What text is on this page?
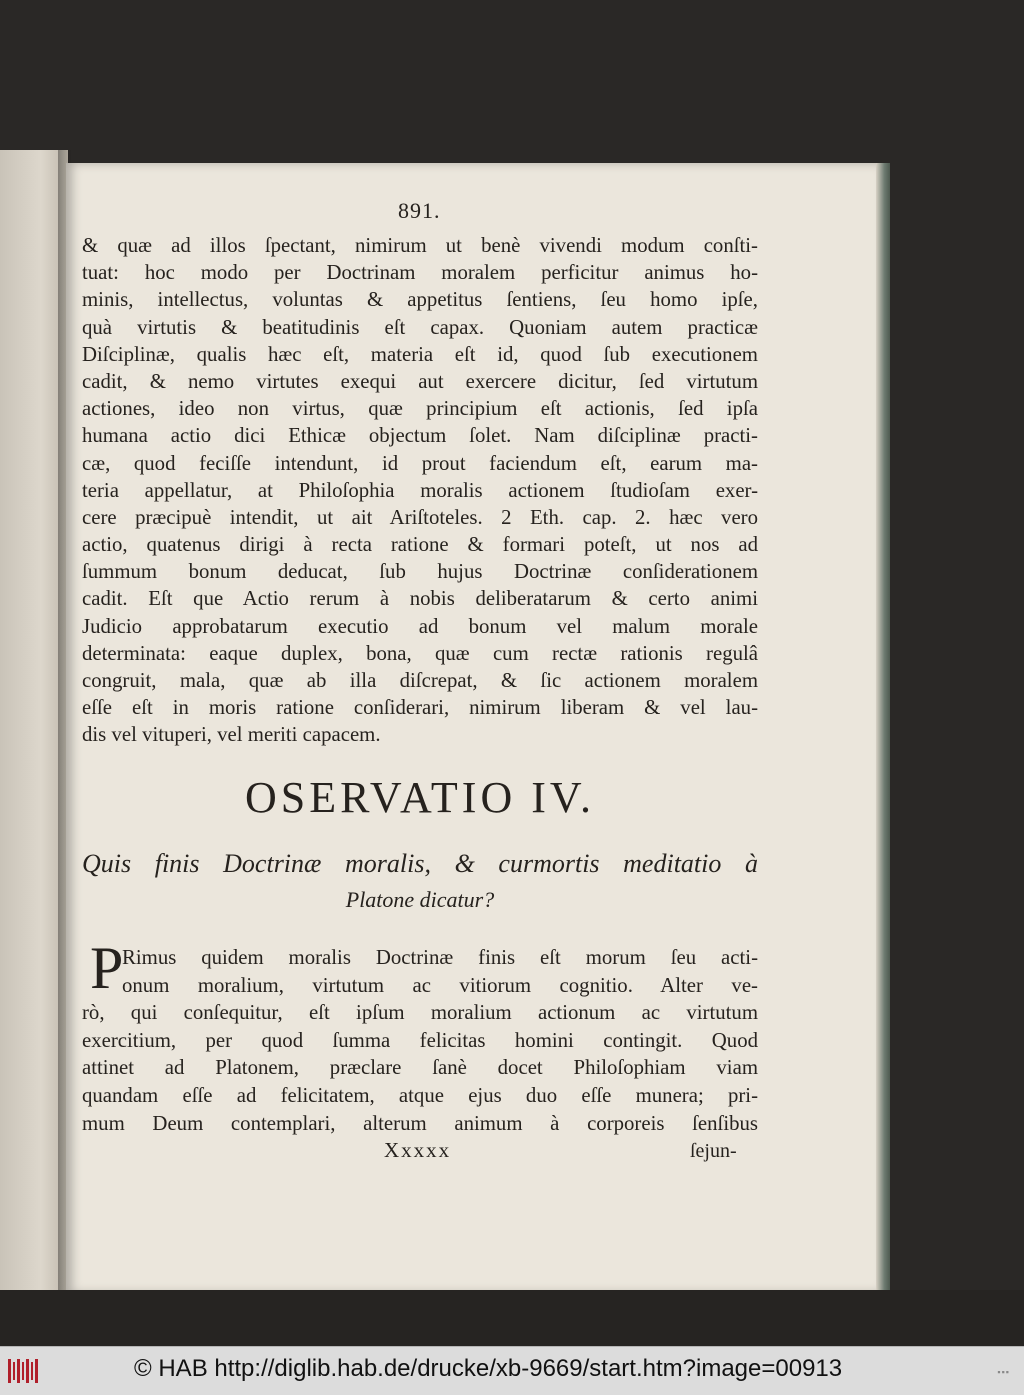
891.
& quæ ad illos ſpectant, nimirum ut benè vivendi modum conſti-
tuat: hoc modo per Doctrinam moralem perficitur animus ho-
minis, intellectus, voluntas & appetitus ſentiens, ſeu homo ipſe,
quà virtutis & beatitudinis eſt capax. Quoniam autem practicæ
Diſciplinæ, qualis hæc eſt, materia eſt id, quod ſub executionem
cadit, & nemo virtutes exequi aut exercere dicitur, ſed virtutum
actiones, ideo non virtus, quæ principium eſt actionis, ſed ipſa
humana actio dici Ethicæ objectum ſolet. Nam diſciplinæ practi-
cæ, quod feciſſe intendunt, id prout faciendum eſt, earum ma-
teria appellatur, at Philoſophia moralis actionem ſtudioſam exer-
cere præcipuè intendit, ut ait Ariſtoteles. 2 Eth. cap. 2. hæc vero
actio, quatenus dirigi à recta ratione & formari poteſt, ut nos ad
ſummum bonum deducat, ſub hujus Doctrinæ conſiderationem
cadit. Eſt que Actio rerum à nobis deliberatarum & certo animi
Judicio approbatarum executio ad bonum vel malum morale
determinata: eaque duplex, bona, quæ cum rectæ rationis regulâ
congruit, mala, quæ ab illa diſcrepat, & ſic actionem moralem
eſſe eſt in moris ratione conſiderari, nimirum liberam & vel lau-
dis vel vituperi, vel meriti capacem.
OSERVATIO IV.
Quis finis Doctrinæ moralis, & curmortis meditatio à
Platone dicatur?
P
Rimus quidem moralis Doctrinæ finis eſt morum ſeu acti-
onum moralium, virtutum ac vitiorum cognitio. Alter ve-
rò, qui conſequitur, eſt ipſum moralium actionum ac virtutum
exercitium, per quod ſumma felicitas homini contingit. Quod
attinet ad Platonem, præclare ſanè docet Philoſophiam viam
quandam eſſe ad felicitatem, atque ejus duo eſſe munera; pri-
mum Deum contemplari, alterum animum à corporeis ſenſibus
Xxxxx	ſejun-
© HAB http://diglib.hab.de/drucke/xb-9669/start.htm?image=00913	▪▪▪
